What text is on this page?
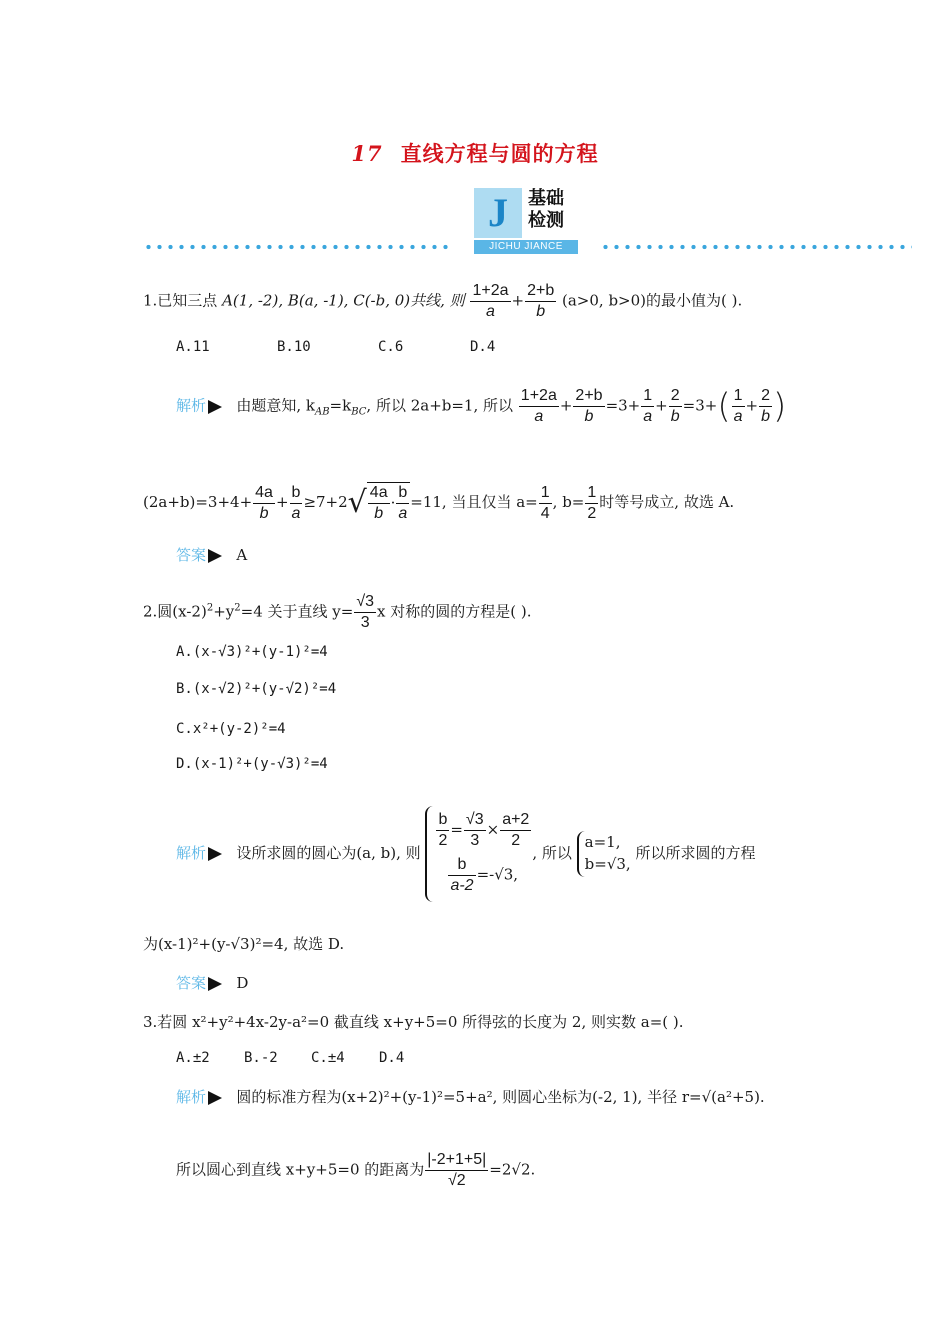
17 直线方程与圆的方程
J	基础
检测
JICHU JIANCE
1.已知三点 A(1, -2), B(a, -1), C(-b, 0)共线, 则 $\frac{1+2a}{a} + \frac{2+b}{b} (a>0$, b>0)的最小值为( ).
A.11	B.10	C.6	D.4
解析 由题意知, $k_{AB}=k_{BC}$, 所以 2a+b=1, 所以 $\frac{1+2a}{a} + \frac{2+b}{b} =3+ \frac{1}{a} + \frac{2}{b} =3+( \frac{1}{a} + \frac{2}{b}$ )
$(2a+b)=3+4+ \frac{4a}{b} + \frac{b}{a} \ge 7+2√ \frac{4a}{b} \cdot \frac{b}{a} =11$, 当且仅当 $a= \frac{1}{4}$ , $b= \frac{1}{2}$ 时等号成立, 故选 A.
答案 A
2.圆$(x-2)^2+y^2=4$ 关于直线 $y= \frac{√3}{3}$ x 对称的圆的方程是( ).
A.(x-√3)²+(y-1)²=4
B.(x-√2)²+(y-√2)²=4
C.x²+(y-2)²=4
D.(x-1)²+(y-√3)²=4
解析 设所求圆的圆心为(a, b), 则
$\frac{b}{2} = \frac{√3}{3} \times \frac{a+2}{2}$
$\frac{b}{a-2} =-√3$,
, 所以
a=1,
b=√3,
所以所求圆的方程
为(x-1)²+(y-√3)²=4, 故选 D.
答案 D
3.若圆 x²+y²+4x-2y-a²=0 截直线 x+y+5=0 所得弦的长度为 2, 则实数 a=( ).
A.±2 B.-2 C.±4 D.4
解析 圆的标准方程为(x+2)²+(y-1)²=5+a², 则圆心坐标为(-2, 1), 半径 r=√(a²+5).
所以圆心到直线 x+y+5=0 的距离为 $\frac{|-2+1+5|}{√2} =2√2$.
